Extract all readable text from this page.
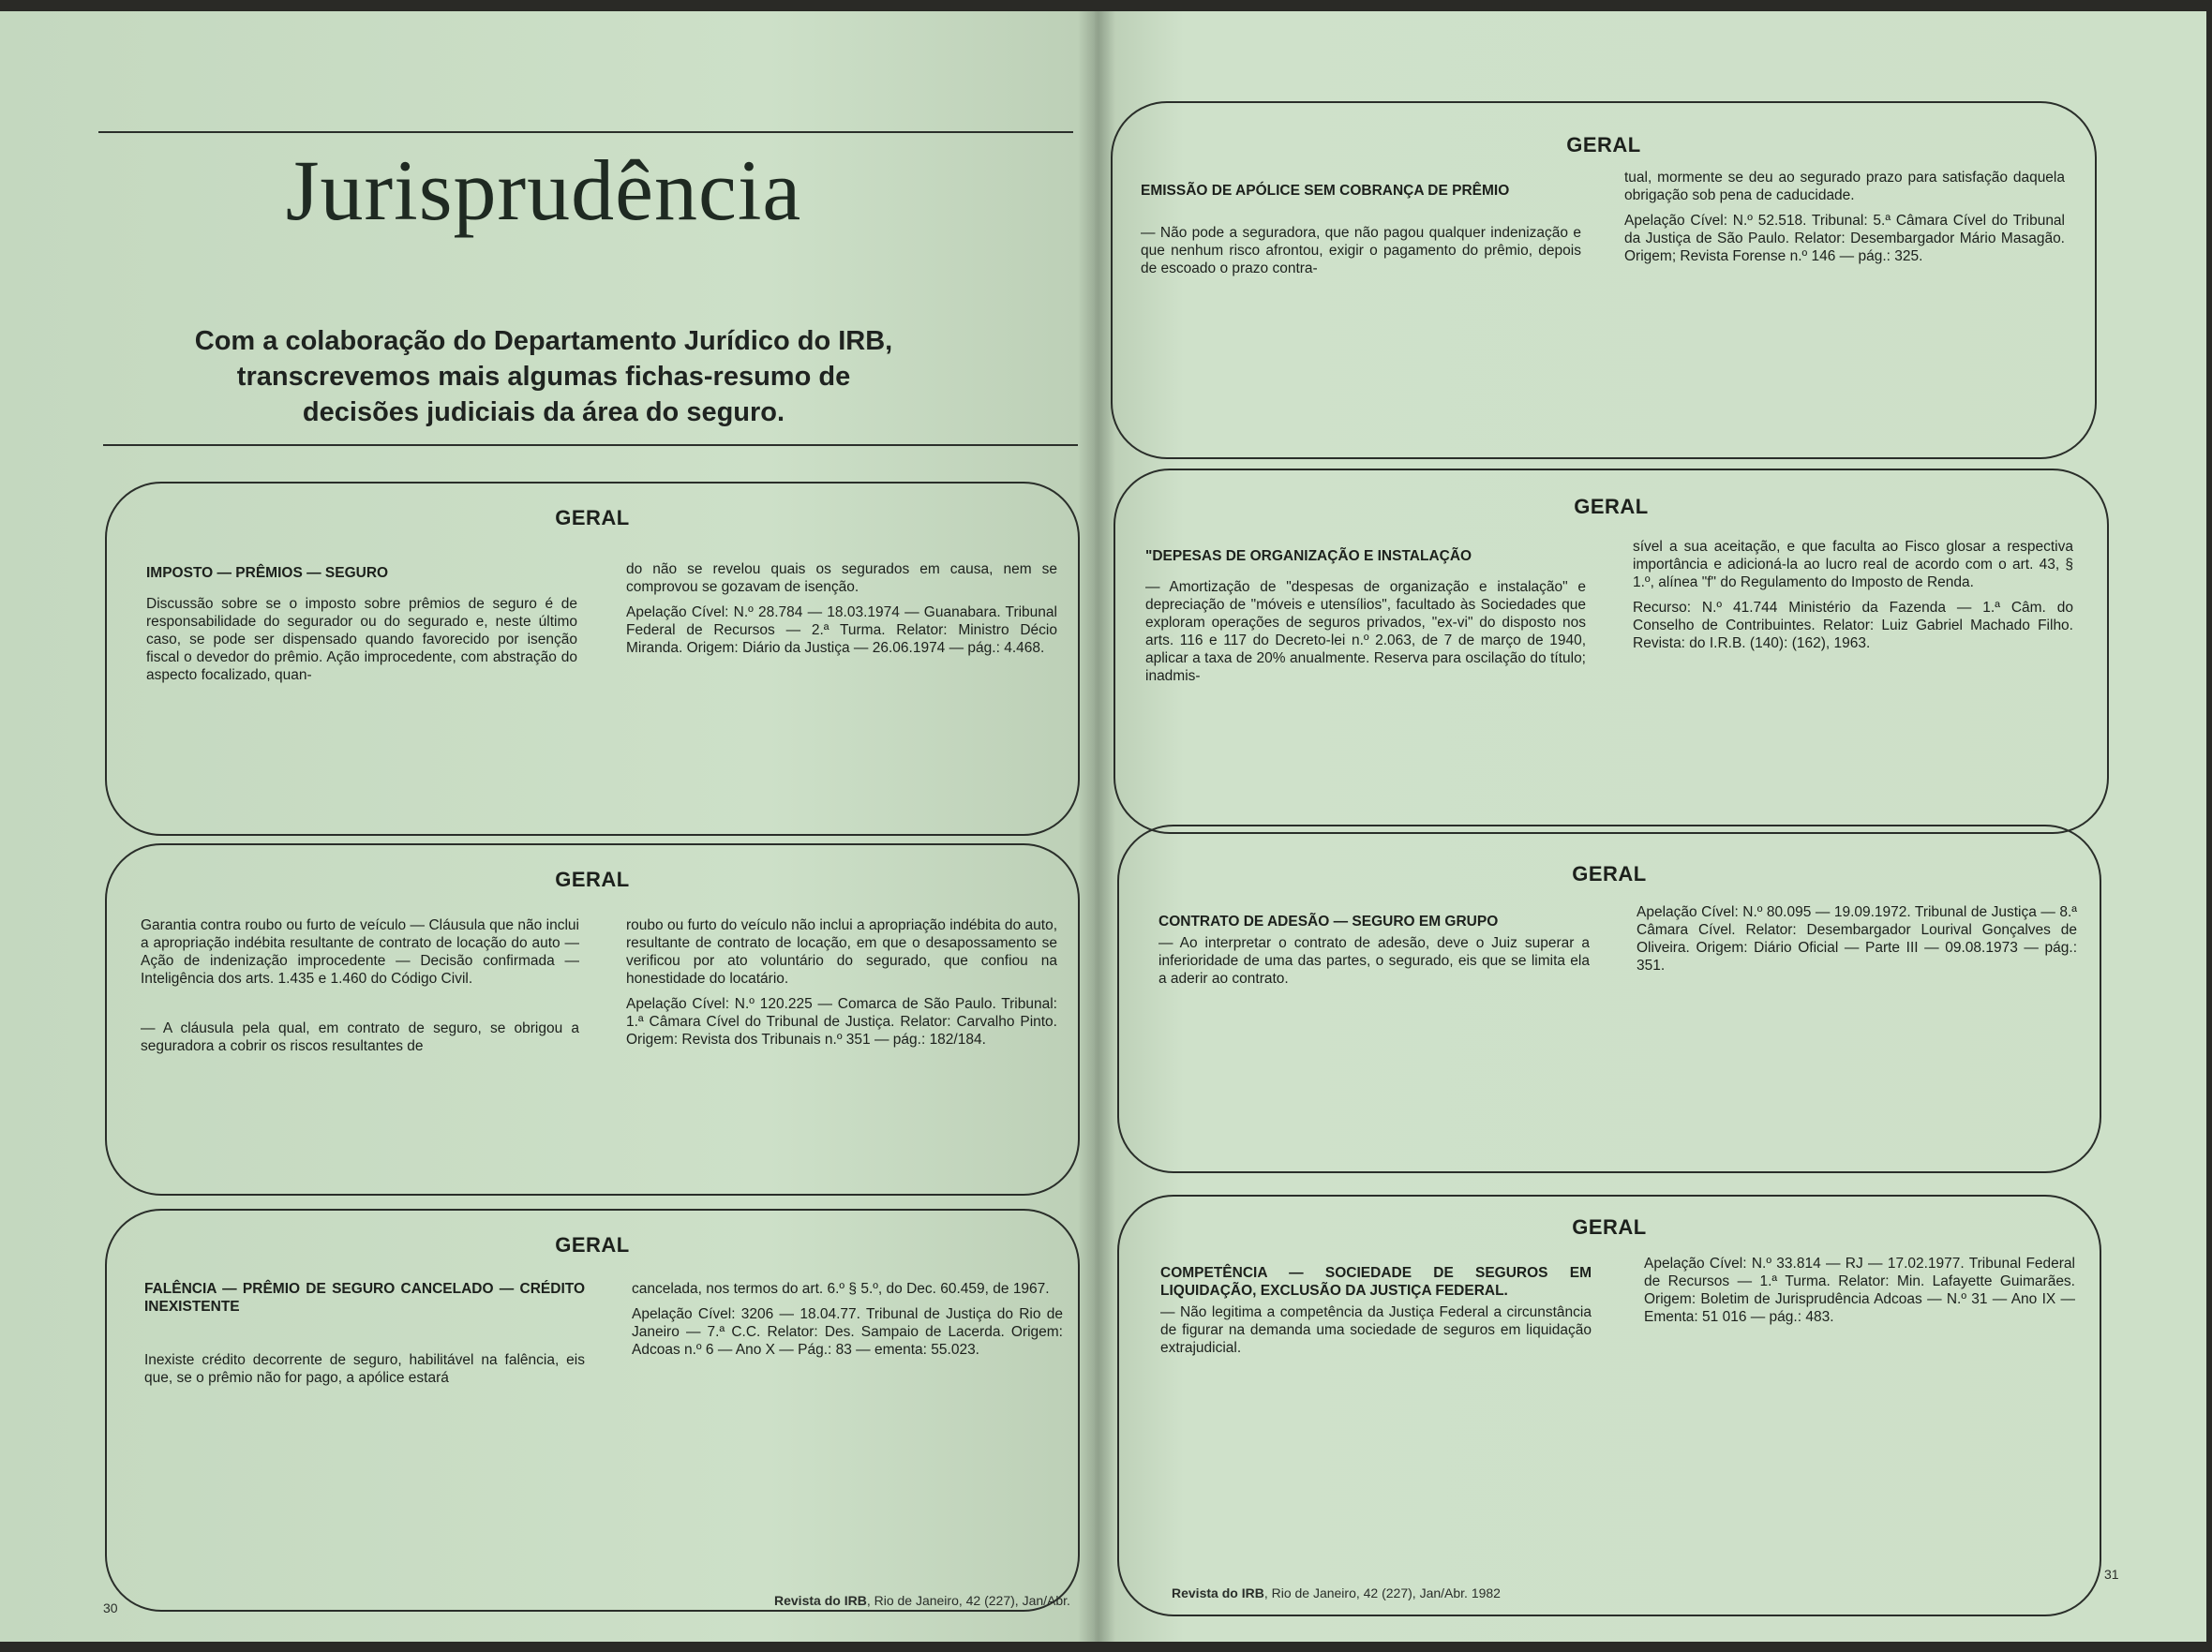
Jurisprudência
Com a colaboração do Departamento Jurídico do IRB, transcrevemos mais algumas fichas-resumo de decisões judiciais da área do seguro.
GERAL
EMISSÃO DE APÓLICE SEM COBRANÇA DE PRÊMIO

— Não pode a seguradora, que não pagou qualquer indenização e que nenhum risco afrontou, exigir o pagamento do prêmio, depois de escoado o prazo contra-

tual, mormente se deu ao segurado prazo para satisfação daquela obrigação sob pena de caducidade.

Apelação Cível: N.º 52.518. Tribunal: 5.ª Câmara Cível do Tribunal da Justiça de São Paulo. Relator: Desembargador Mário Masagão. Origem; Revista Forense n.º 146 — pág.: 325.

GERAL
IMPOSTO — PRÊMIOS — SEGURO

Discussão sobre se o imposto sobre prêmios de seguro é de responsabilidade do segurador ou do segurado e, neste último caso, se pode ser dispensado quando favorecido por isenção fiscal o devedor do prêmio. Ação improcedente, com abstração do aspecto focalizado, quan-

do não se revelou quais os segurados em causa, nem se comprovou se gozavam de isenção.

Apelação Cível: N.º 28.784 — 18.03.1974 — Guanabara. Tribunal Federal de Recursos — 2.ª Turma. Relator: Ministro Décio Miranda. Origem: Diário da Justiça — 26.06.1974 — pág.: 4.468.

GERAL
"DEPESAS DE ORGANIZAÇÃO E INSTALAÇÃO

— Amortização de "despesas de organização e instalação" e depreciação de "móveis e utensílios", facultado às Sociedades que exploram operações de seguros privados, "ex-vi" do disposto nos arts. 116 e 117 do Decreto-lei n.º 2.063, de 7 de março de 1940, aplicar a taxa de 20% anualmente. Reserva para oscilação do título; inadmis-

sível a sua aceitação, e que faculta ao Fisco glosar a respectiva importância e adicioná-la ao lucro real de acordo com o art. 43, § 1.º, alínea "f" do Regulamento do Imposto de Renda.

Recurso: N.º 41.744 Ministério da Fazenda — 1.ª Câm. do Conselho de Contribuintes. Relator: Luiz Gabriel Machado Filho. Revista: do I.R.B. (140): (162), 1963.

GERAL

Garantia contra roubo ou furto de veículo — Cláusula que não inclui a apropriação indébita resultante de contrato de locação do auto — Ação de indenização improcedente — Decisão confirmada — Inteligência dos arts. 1.435 e 1.460 do Código Civil.

— A cláusula pela qual, em contrato de seguro, se obrigou a seguradora a cobrir os riscos resultantes de

roubo ou furto do veículo não inclui a apropriação indébita do auto, resultante de contrato de locação, em que o desapossamento se verificou por ato voluntário do segurado, que confiou na honestidade do locatário.

Apelação Cível: N.º 120.225 — Comarca de São Paulo. Tribunal: 1.ª Câmara Cível do Tribunal de Justiça. Relator: Carvalho Pinto. Origem: Revista dos Tribunais n.º 351 — pág.: 182/184.

GERAL
CONTRATO DE ADESÃO — SEGURO EM GRUPO

— Ao interpretar o contrato de adesão, deve o Juiz superar a inferioridade de uma das partes, o segurado, eis que se limita ela a aderir ao contrato.

Apelação Cível: N.º 80.095 — 19.09.1972. Tribunal de Justiça — 8.ª Câmara Cível. Relator: Desembargador Lourival Gonçalves de Oliveira. Origem: Diário Oficial — Parte III — 09.08.1973 — pág.: 351.

GERAL
FALÊNCIA — PRÊMIO DE SEGURO CANCELADO — CRÉDITO INEXISTENTE

Inexiste crédito decorrente de seguro, habilitável na falência, eis que, se o prêmio não for pago, a apólice estará

cancelada, nos termos do art. 6.º § 5.º, do Dec. 60.459, de 1967.

Apelação Cível: 3206 — 18.04.77. Tribunal de Justiça do Rio de Janeiro — 7.ª C.C. Relator: Des. Sampaio de Lacerda. Origem: Adcoas n.º 6 — Ano X — Pág.: 83 — ementa: 55.023.

GERAL
COMPETÊNCIA — SOCIEDADE DE SEGUROS EM LIQUIDAÇÃO, EXCLUSÃO DA JUSTIÇA FEDERAL.

— Não legitima a competência da Justiça Federal a circunstância de figurar na demanda uma sociedade de seguros em liquidação extrajudicial.

Apelação Cível: N.º 33.814 — RJ — 17.02.1977. Tribunal Federal de Recursos — 1.ª Turma. Relator: Min. Lafayette Guimarães. Origem: Boletim de Jurisprudência Adcoas — N.º 31 — Ano IX — Ementa: 51 016 — pág.: 483.

30	Revista do IRB, Rio de Janeiro, 42 (227), Jan/Abr.	Revista do IRB, Rio de Janeiro, 42 (227), Jan/Abr. 1982
31
